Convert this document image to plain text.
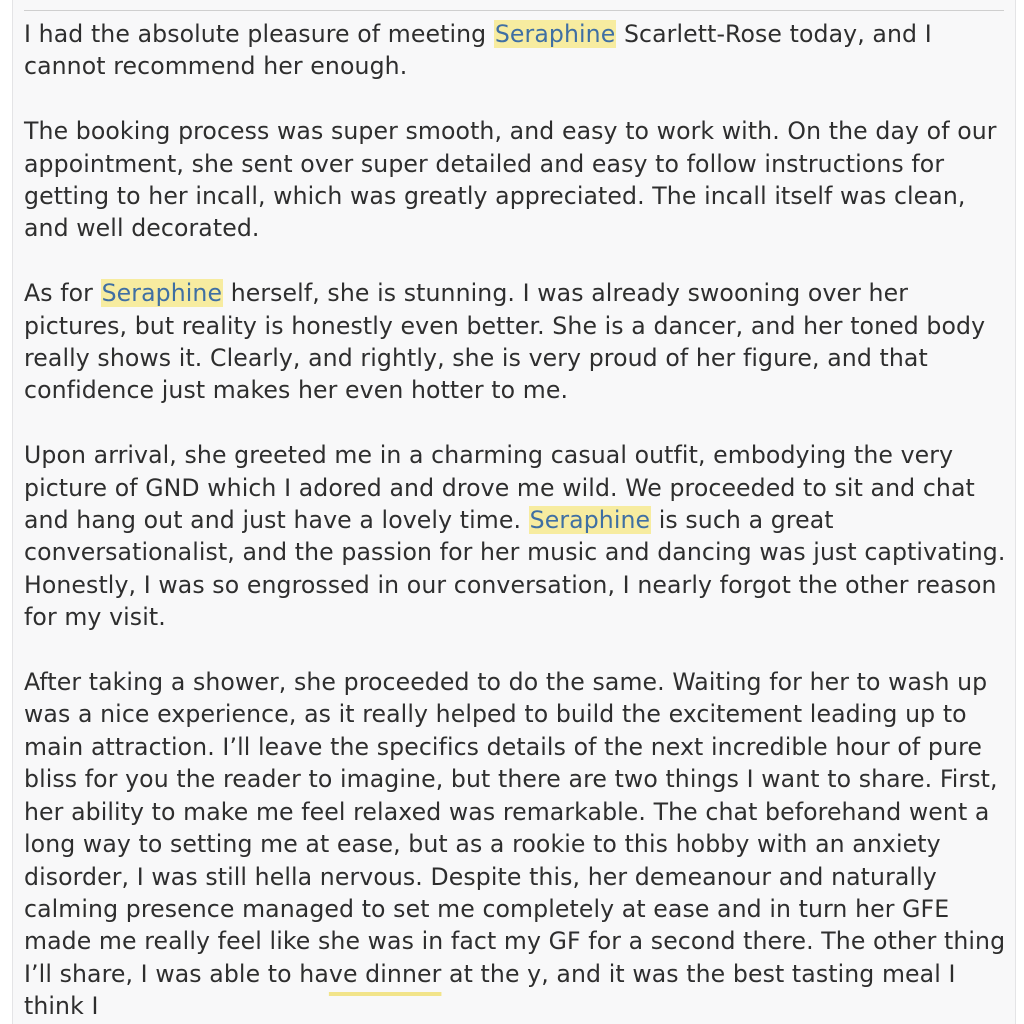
I had the absolute pleasure of meeting Seraphine Scarlett-Rose today, and I cannot recommend her enough.

The booking process was super smooth, and easy to work with. On the day of our appointment, she sent over super detailed and easy to follow instructions for getting to her incall, which was greatly appreciated. The incall itself was clean, and well decorated.

As for Seraphine herself, she is stunning. I was already swooning over her pictures, but reality is honestly even better. She is a dancer, and her toned body really shows it. Clearly, and rightly, she is very proud of her figure, and that confidence just makes her even hotter to me.

Upon arrival, she greeted me in a charming casual outfit, embodying the very picture of GND which I adored and drove me wild. We proceeded to sit and chat and hang out and just have a lovely time. Seraphine is such a great conversationalist, and the passion for her music and dancing was just captivating. Honestly, I was so engrossed in our conversation, I nearly forgot the other reason for my visit.

After taking a shower, she proceeded to do the same. Waiting for her to wash up was a nice experience, as it really helped to build the excitement leading up to main attraction. I’ll leave the specifics details of the next incredible hour of pure bliss for you the reader to imagine, but there are two things I want to share. First, her ability to make me feel relaxed was remarkable. The chat beforehand went a long way to setting me at ease, but as a rookie to this hobby with an anxiety disorder, I was still hella nervous. Despite this, her demeanour and naturally calming presence managed to set me completely at ease and in turn her GFE made me really feel like she was in fact my GF for a second there. The other thing I’ll share, I was able to have dinner at the y, and it was the best tasting meal I think I
